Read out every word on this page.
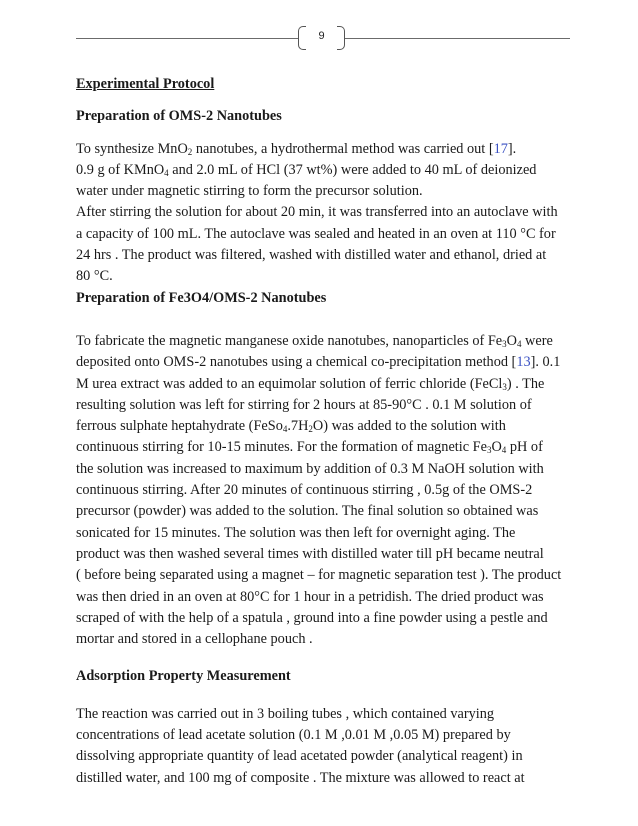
9

Experimental Protocol

Preparation of OMS-2 Nanotubes

To synthesize MnO$_2$ nanotubes, a hydrothermal method was carried out [17].

0.9 g of KMnO$_4$ and 2.0 mL of HCl (37 wt%) were added to 40 mL of deionized

water under magnetic stirring to form the precursor solution.

After stirring the solution for about 20 min, it was transferred into an autoclave with

a capacity of 100 mL. The autoclave was sealed and heated in an oven at 110 °C for

24 hrs . The product was filtered, washed with distilled water and ethanol, dried at

80 °C.

Preparation of Fe3O4/OMS-2 Nanotubes

To fabricate the magnetic manganese oxide nanotubes, nanoparticles of $Fe_3O_4$ were

deposited onto OMS-2 nanotubes using a chemical co-precipitation method [13]. 0.1

M urea extract was added to an equimolar solution of ferric chloride (FeCl$_3$) . The

resulting solution was left for stirring for 2 hours at 85-90°C . 0.1 M solution of

ferrous sulphate heptahydrate $(FeSo_4.7H_2O)$ was added to the solution with

continuous stirring for 10-15 minutes. For the formation of magnetic $Fe_3O_4$ pH of

the solution was increased to maximum by addition of 0.3 M NaOH solution with

continuous stirring. After 20 minutes of continuous stirring , 0.5g of the OMS-2

precursor (powder) was added to the solution. The final solution so obtained was

sonicated for 15 minutes. The solution was then left for overnight aging. The

product was then washed several times with distilled water till pH became neutral

( before being separated using a magnet – for magnetic separation test ). The product

was then dried in an oven at 80°C for 1 hour in a petridish. The dried product was

scraped of with the help of a spatula , ground into a fine powder using a pestle and

mortar and stored in a cellophane pouch .

Adsorption Property Measurement

The reaction was carried out in 3 boiling tubes , which contained varying

concentrations of lead acetate solution (0.1 M ,0.01 M ,0.05 M) prepared by

dissolving appropriate quantity of lead acetated powder (analytical reagent) in

distilled water, and 100 mg of composite . The mixture was allowed to react at
